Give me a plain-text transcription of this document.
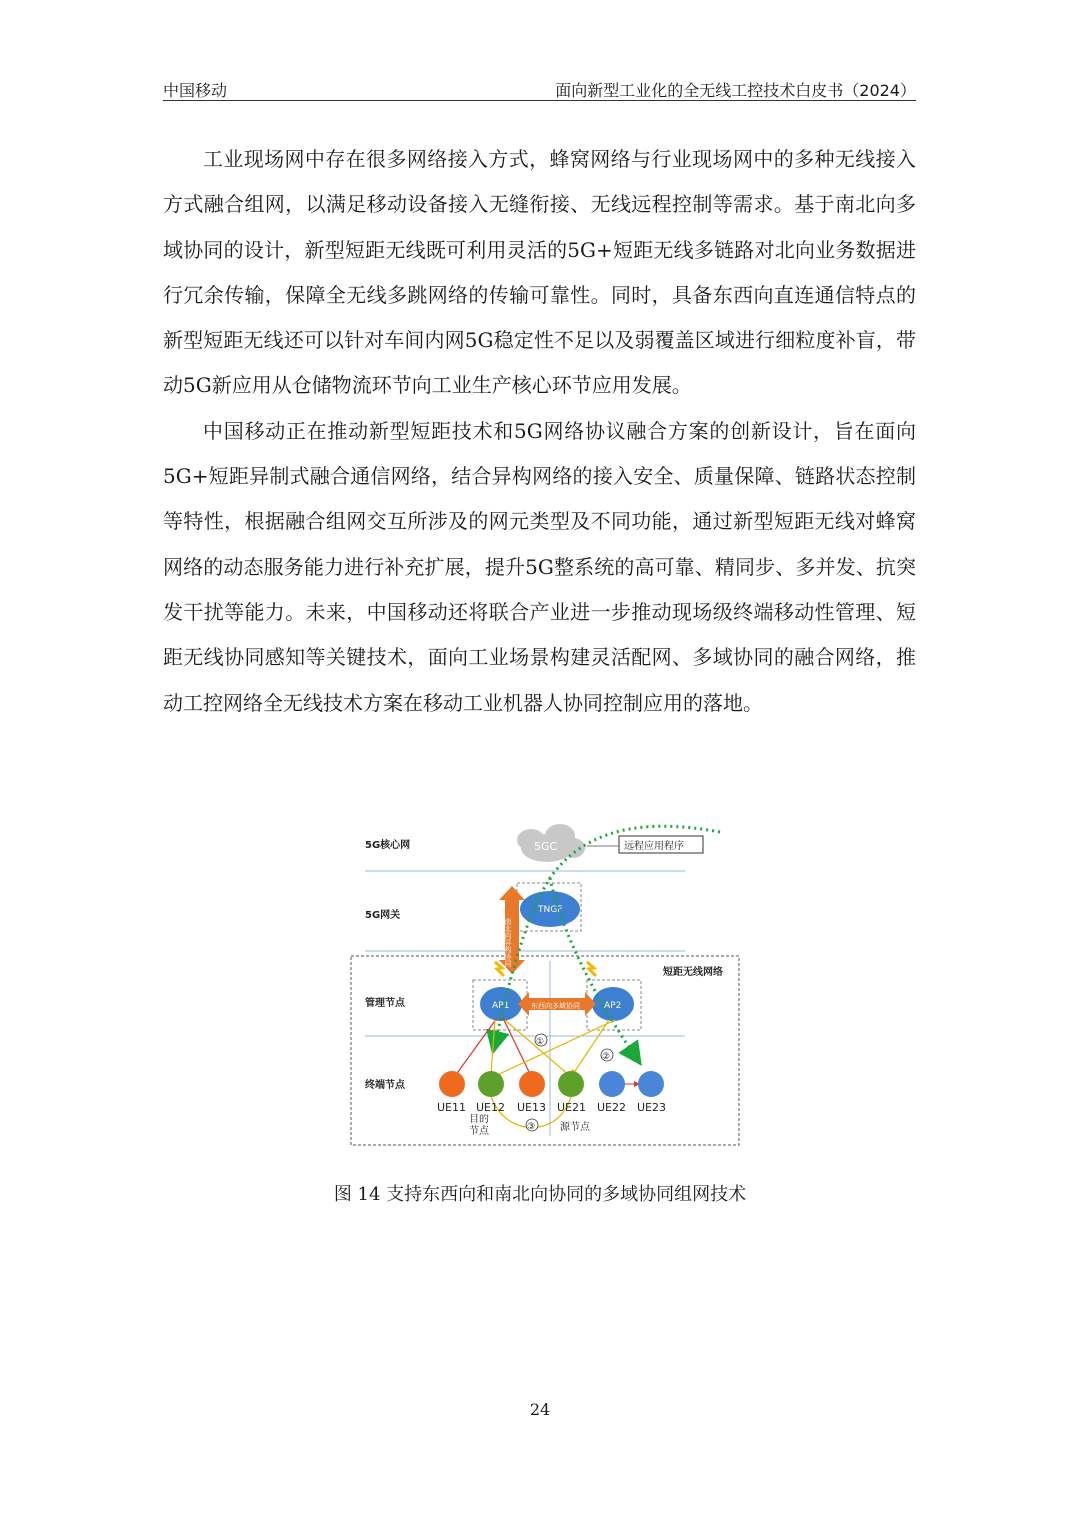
中国移动	面向新型工业化的全无线工控技术白皮书（2024）

工业现场网中存在很多网络接入方式，蜂窝网络与行业现场网中的多种无线接入方式融合组网，以满足移动设备接入无缝衔接、无线远程控制等需求。基于南北向多域协同的设计，新型短距无线既可利用灵活的5G+短距无线多链路对北向业务数据进行冗余传输，保障全无线多跳网络的传输可靠性。同时，具备东西向直连通信特点的新型短距无线还可以针对车间内网5G稳定性不足以及弱覆盖区域进行细粒度补盲，带动5G新应用从仓储物流环节向工业生产核心环节应用发展。

中国移动正在推动新型短距技术和5G网络协议融合方案的创新设计，旨在面向5G+短距异制式融合通信网络，结合异构网络的接入安全、质量保障、链路状态控制等特性，根据融合组网交互所涉及的网元类型及不同功能，通过新型短距无线对蜂窝网络的动态服务能力进行补充扩展，提升5G整系统的高可靠、精同步、多并发、抗突发干扰等能力。未来，中国移动还将联合产业进一步推动现场级终端移动性管理、短距无线协同感知等关键技术，面向工业场景构建灵活配网、多域协同的融合网络，推动工控网络全无线技术方案在移动工业机器人协同控制应用的落地。

短距无线网络
5G核心网
5G网关
管理节点
终端节点
5GC	远程应用程序
TNGF
南北向异构协同
AP1	AP2
东西向多域协同
①
②
③
UE11 UE12 UE13 UE21 UE22 UE23
目的节点	源节点
图 14 支持东西向和南北向协同的多域协同组网技术
24
